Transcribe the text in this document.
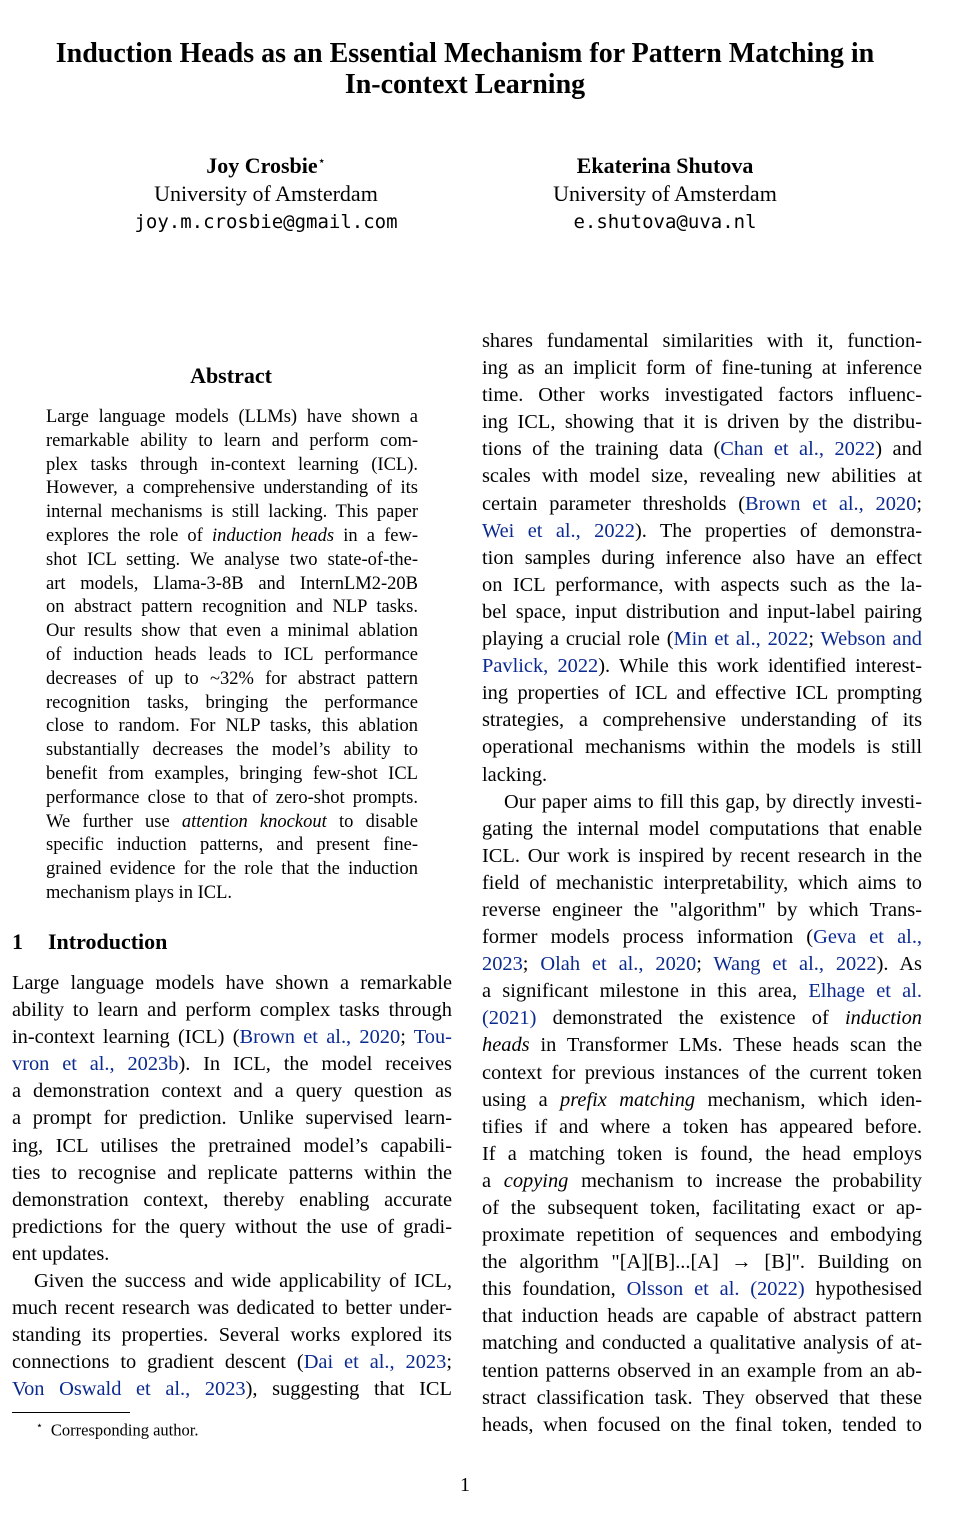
Induction Heads as an Essential Mechanism for Pattern Matching in
In-context Learning
Joy Crosbie⋆
University of Amsterdam
joy.m.crosbie@gmail.com
Ekaterina Shutova
University of Amsterdam
e.shutova@uva.nl
Abstract
Large language models (LLMs) have shown a
remarkable ability to learn and perform com-
plex tasks through in-context learning (ICL).
However, a comprehensive understanding of its
internal mechanisms is still lacking. This paper
explores the role of induction heads in a few-
shot ICL setting. We analyse two state-of-the-
art models, Llama-3-8B and InternLM2-20B
on abstract pattern recognition and NLP tasks.
Our results show that even a minimal ablation
of induction heads leads to ICL performance
decreases of up to ~32% for abstract pattern
recognition tasks, bringing the performance
close to random. For NLP tasks, this ablation
substantially decreases the model’s ability to
benefit from examples, bringing few-shot ICL
performance close to that of zero-shot prompts.
We further use attention knockout to disable
specific induction patterns, and present fine-
grained evidence for the role that the induction
mechanism plays in ICL.
1 Introduction
Large language models have shown a remarkable
ability to learn and perform complex tasks through
in-context learning (ICL) (Brown et al., 2020; Tou-
vron et al., 2023b). In ICL, the model receives
a demonstration context and a query question as
a prompt for prediction. Unlike supervised learn-
ing, ICL utilises the pretrained model’s capabili-
ties to recognise and replicate patterns within the
demonstration context, thereby enabling accurate
predictions for the query without the use of gradi-
ent updates.
Given the success and wide applicability of ICL,
much recent research was dedicated to better under-
standing its properties. Several works explored its
connections to gradient descent (Dai et al., 2023;
Von Oswald et al., 2023), suggesting that ICL
⋆ Corresponding author.
shares fundamental similarities with it, function-
ing as an implicit form of fine-tuning at inference
time. Other works investigated factors influenc-
ing ICL, showing that it is driven by the distribu-
tions of the training data (Chan et al., 2022) and
scales with model size, revealing new abilities at
certain parameter thresholds (Brown et al., 2020;
Wei et al., 2022). The properties of demonstra-
tion samples during inference also have an effect
on ICL performance, with aspects such as the la-
bel space, input distribution and input-label pairing
playing a crucial role (Min et al., 2022; Webson and
Pavlick, 2022). While this work identified interest-
ing properties of ICL and effective ICL prompting
strategies, a comprehensive understanding of its
operational mechanisms within the models is still
lacking.
Our paper aims to fill this gap, by directly investi-
gating the internal model computations that enable
ICL. Our work is inspired by recent research in the
field of mechanistic interpretability, which aims to
reverse engineer the "algorithm" by which Trans-
former models process information (Geva et al.,
2023; Olah et al., 2020; Wang et al., 2022). As
a significant milestone in this area, Elhage et al.
(2021) demonstrated the existence of induction
heads in Transformer LMs. These heads scan the
context for previous instances of the current token
using a prefix matching mechanism, which iden-
tifies if and where a token has appeared before.
If a matching token is found, the head employs
a copying mechanism to increase the probability
of the subsequent token, facilitating exact or ap-
proximate repetition of sequences and embodying
the algorithm "[A][B]...[A] → [B]". Building on
this foundation, Olsson et al. (2022) hypothesised
that induction heads are capable of abstract pattern
matching and conducted a qualitative analysis of at-
tention patterns observed in an example from an ab-
stract classification task. They observed that these
heads, when focused on the final token, tended to
1
